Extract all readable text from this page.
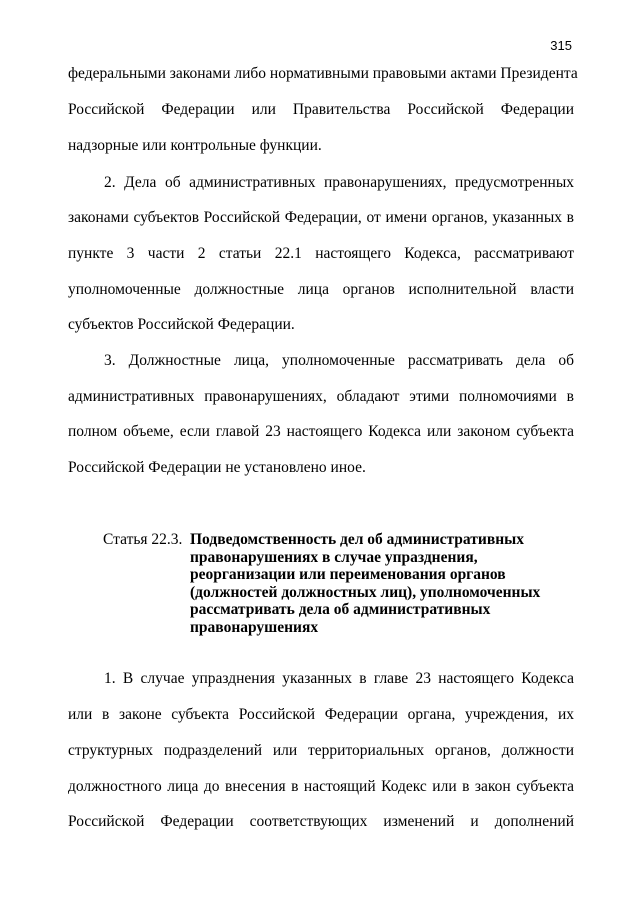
315
федеральными законами либо нормативными правовыми актами Президента
Российской Федерации или Правительства Российской Федерации
надзорные или контрольные функции.
2. Дела об административных правонарушениях, предусмотренных
законами субъектов Российской Федерации, от имени органов, указанных в
пункте 3 части 2 статьи 22.1 настоящего Кодекса, рассматривают
уполномоченные должностные лица органов исполнительной власти
субъектов Российской Федерации.
3. Должностные лица, уполномоченные рассматривать дела об
административных правонарушениях, обладают этими полномочиями в
полном объеме, если главой 23 настоящего Кодекса или законом субъекта
Российской Федерации не установлено иное.
Статья 22.3. Подведомственность дел об административных
правонарушениях в случае упразднения,
реорганизации или переименования органов
(должностей должностных лиц), уполномоченных
рассматривать дела об административных
правонарушениях
1. В случае упразднения указанных в главе 23 настоящего Кодекса
или в законе субъекта Российской Федерации органа, учреждения, их
структурных подразделений или территориальных органов, должности
должностного лица до внесения в настоящий Кодекс или в закон субъекта
Российской Федерации соответствующих изменений и дополнений
